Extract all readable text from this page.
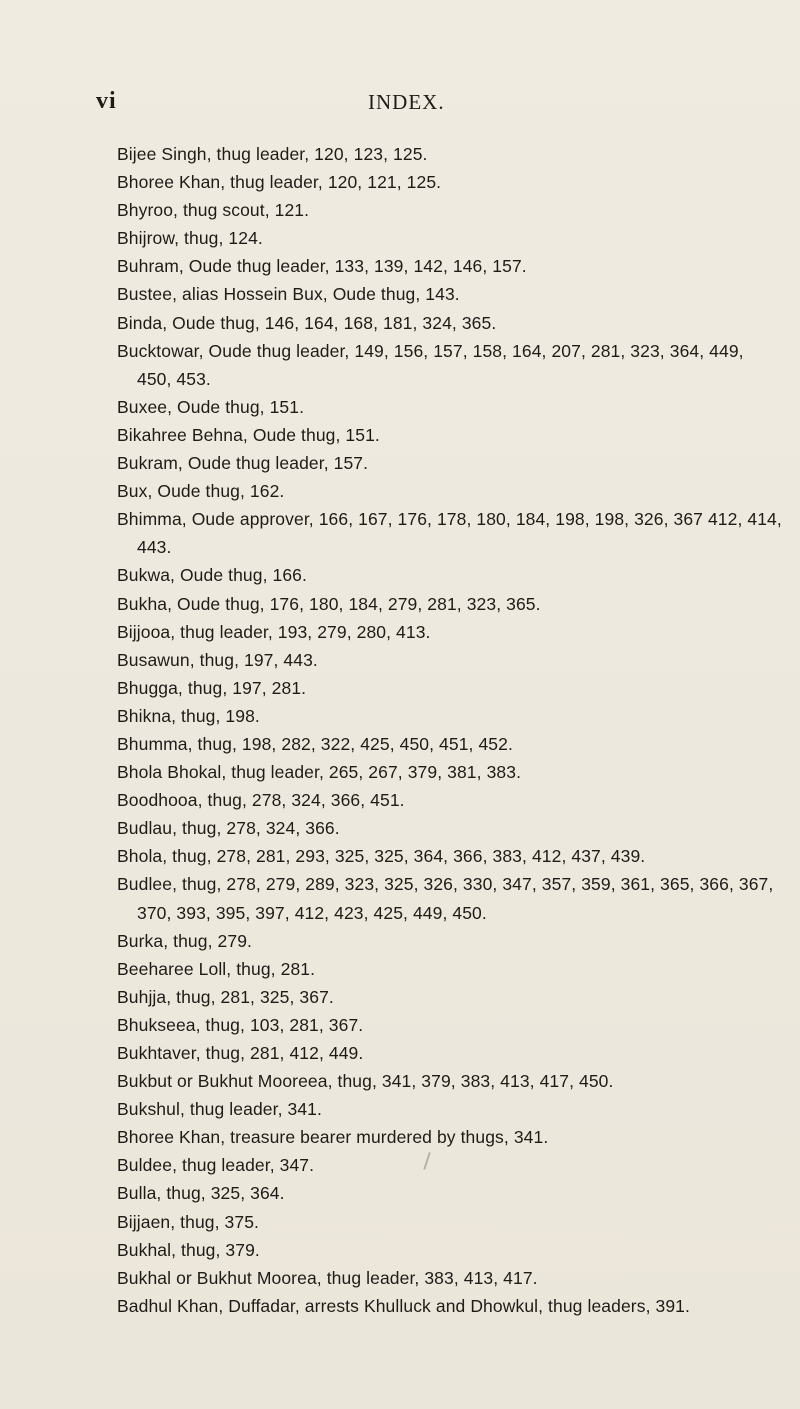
vi	INDEX.
Bijee Singh, thug leader, 120, 123, 125.
Bhoree Khan, thug leader, 120, 121, 125.
Bhyroo, thug scout, 121.
Bhijrow, thug, 124.
Buhram, Oude thug leader, 133, 139, 142, 146, 157.
Bustee, alias Hossein Bux, Oude thug, 143.
Binda, Oude thug, 146, 164, 168, 181, 324, 365.
Bucktowar, Oude thug leader, 149, 156, 157, 158, 164, 207, 281, 323, 364, 449, 450, 453.
Buxee, Oude thug, 151.
Bikahree Behna, Oude thug, 151.
Bukram, Oude thug leader, 157.
Bux, Oude thug, 162.
Bhimma, Oude approver, 166, 167, 176, 178, 180, 184, 198, 198, 326, 367 412, 414, 443.
Bukwa, Oude thug, 166.
Bukha, Oude thug, 176, 180, 184, 279, 281, 323, 365.
Bijjooa, thug leader, 193, 279, 280, 413.
Busawun, thug, 197, 443.
Bhugga, thug, 197, 281.
Bhikna, thug, 198.
Bhumma, thug, 198, 282, 322, 425, 450, 451, 452.
Bhola Bhokal, thug leader, 265, 267, 379, 381, 383.
Boodhooa, thug, 278, 324, 366, 451.
Budlau, thug, 278, 324, 366.
Bhola, thug, 278, 281, 293, 325, 325, 364, 366, 383, 412, 437, 439.
Budlee, thug, 278, 279, 289, 323, 325, 326, 330, 347, 357, 359, 361, 365, 366, 367, 370, 393, 395, 397, 412, 423, 425, 449, 450.
Burka, thug, 279.
Beeharee Loll, thug, 281.
Buhjja, thug, 281, 325, 367.
Bhukseea, thug, 103, 281, 367.
Bukhtaver, thug, 281, 412, 449.
Bukbut or Bukhut Mooreea, thug, 341, 379, 383, 413, 417, 450.
Bukshul, thug leader, 341.
Bhoree Khan, treasure bearer murdered by thugs, 341.
Buldee, thug leader, 347.
Bulla, thug, 325, 364.
Bijjaen, thug, 375.
Bukhal, thug, 379.
Bukhal or Bukhut Moorea, thug leader, 383, 413, 417.
Badhul Khan, Duffadar, arrests Khulluck and Dhowkul, thug leaders, 391.
